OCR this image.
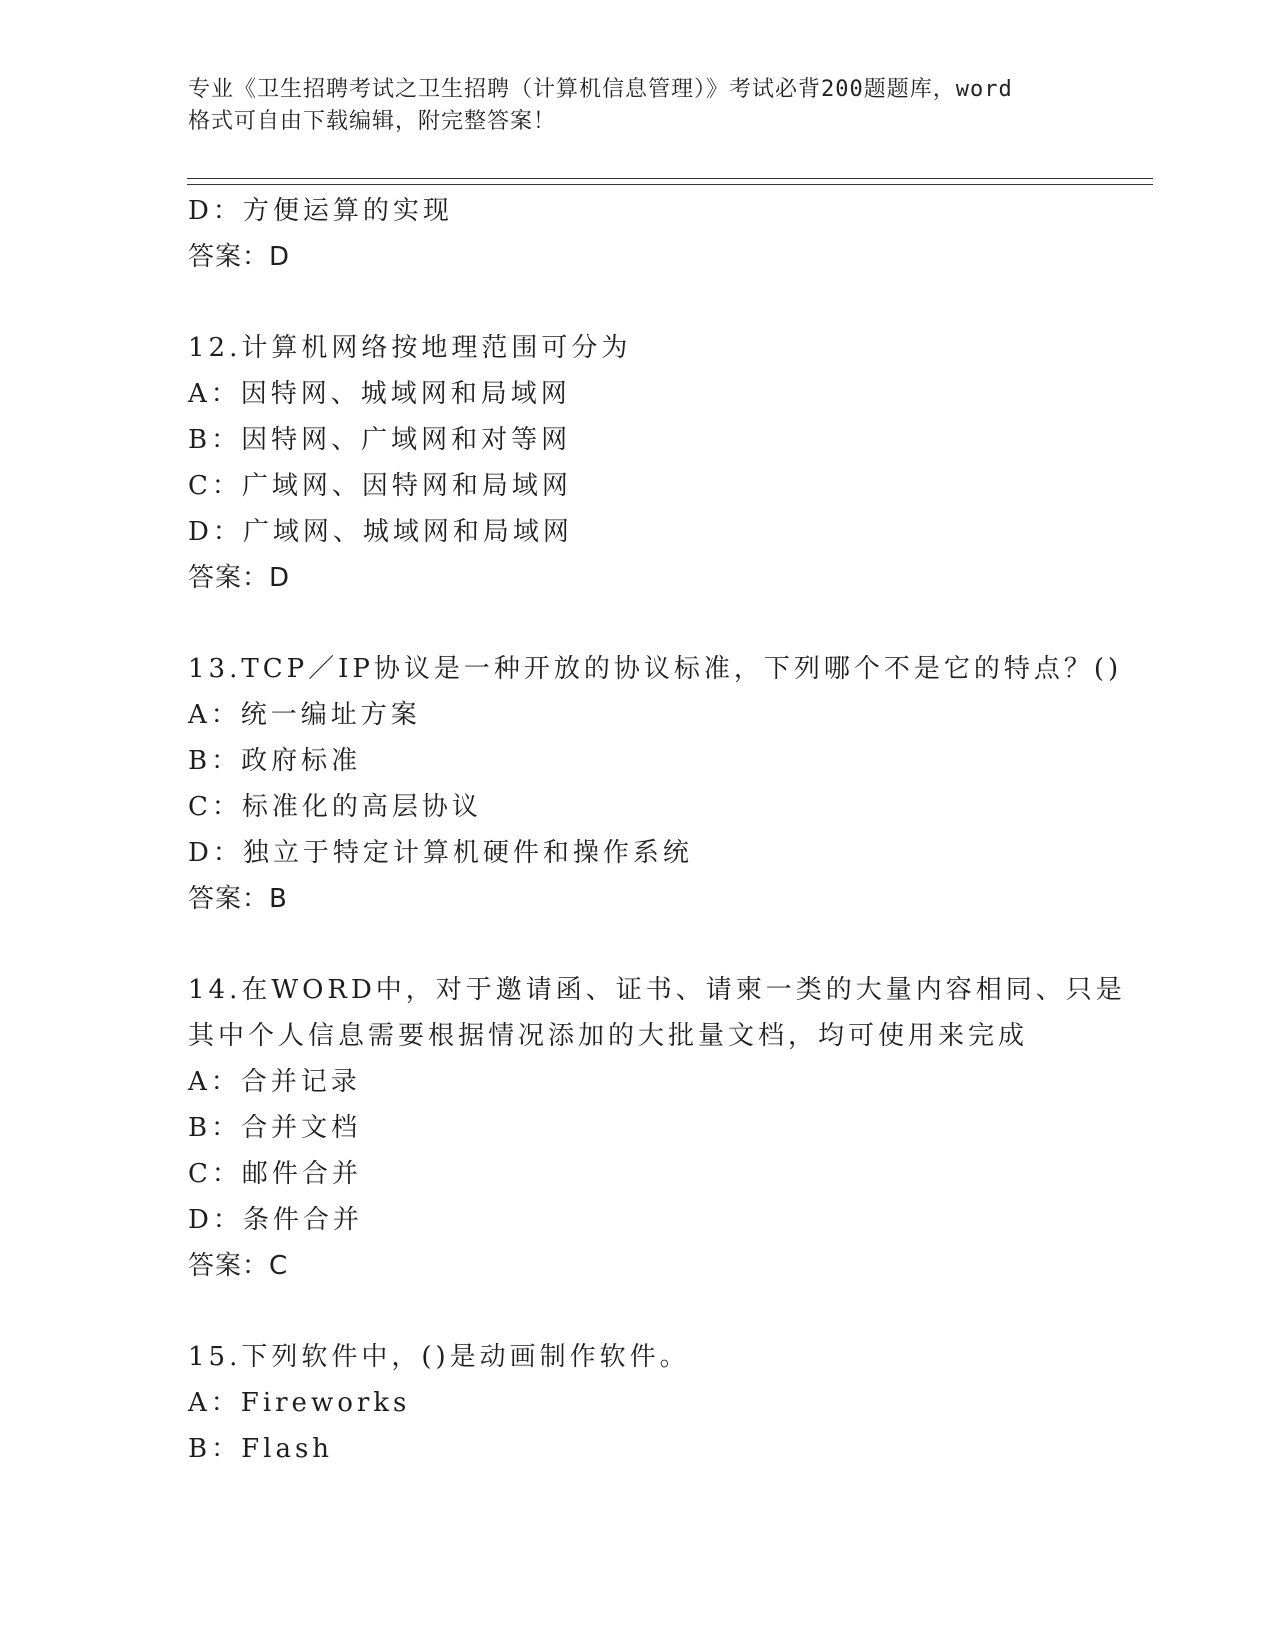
专业《卫生招聘考试之卫生招聘（计算机信息管理）》考试必背200题题库，word
格式可自由下载编辑，附完整答案！
D：方便运算的实现
答案：D
12.计算机网络按地理范围可分为
A：因特网、城域网和局域网
B：因特网、广域网和对等网
C：广域网、因特网和局域网
D：广域网、城域网和局域网
答案：D
13.TCP／IP协议是一种开放的协议标准，下列哪个不是它的特点？()
A：统一编址方案
B：政府标准
C：标准化的高层协议
D：独立于特定计算机硬件和操作系统
答案：B
14.在WORD中，对于邀请函、证书、请柬一类的大量内容相同、只是
其中个人信息需要根据情况添加的大批量文档，均可使用来完成
A：合并记录
B：合并文档
C：邮件合并
D：条件合并
答案：C
15.下列软件中，()是动画制作软件。
A：Fireworks
B：Flash
